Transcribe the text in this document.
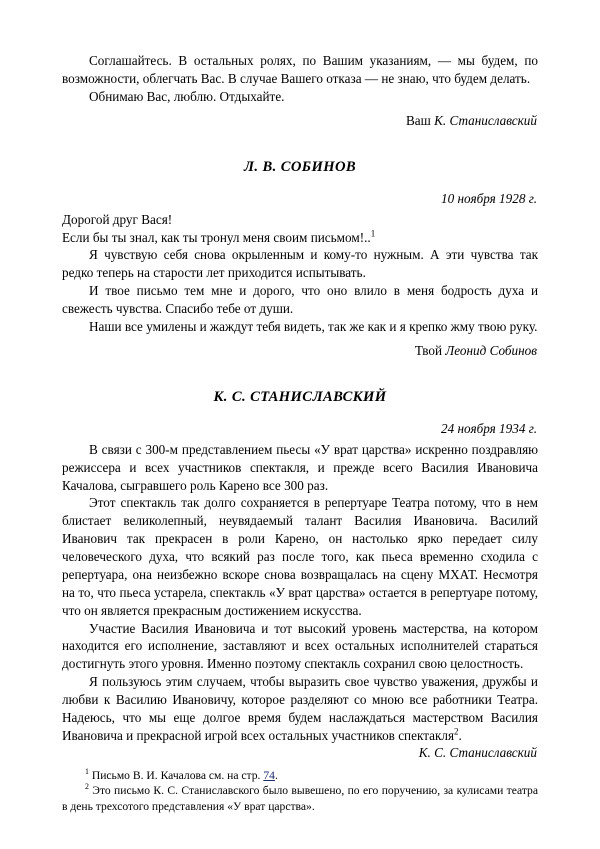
Соглашайтесь. В остальных ролях, по Вашим указаниям, — мы будем, по возможности, облегчать Вас. В случае Вашего отказа — не знаю, что будем делать.

Обнимаю Вас, люблю. Отдыхайте.

Ваш К. Станиславский

Л. В. СОБИНОВ

10 ноября 1928 г.

Дорогой друг Вася!

Если бы ты знал, как ты тронул меня своим письмом!..$^1$

Я чувствую себя снова окрыленным и кому-то нужным. А эти чувства так редко теперь на старости лет приходится испытывать.

И твое письмо тем мне и дорого, что оно влило в меня бодрость духа и свежесть чувства. Спасибо тебе от души.

Наши все умилены и жаждут тебя видеть, так же как и я крепко жму твою руку.

Твой Леонид Собинов

К. С. СТАНИСЛАВСКИЙ

24 ноября 1934 г.

В связи с 300-м представлением пьесы «У врат царства» искренно поздравляю режиссера и всех участников спектакля, и прежде всего Василия Ивановича Качалова, сыгравшего роль Карено все 300 раз.

Этот спектакль так долго сохраняется в репертуаре Театра потому, что в нем блистает великолепный, неувядаемый талант Василия Ивановича. Василий Иванович так прекрасен в роли Карено, он настолько ярко передает силу человеческого духа, что всякий раз после того, как пьеса временно сходила с репертуара, она неизбежно вскоре снова возвращалась на сцену МХАТ. Несмотря на то, что пьеса устарела, спектакль «У врат царства» остается в репертуаре потому, что он является прекрасным достижением искусства.

Участие Василия Ивановича и тот высокий уровень мастерства, на котором находится его исполнение, заставляют и всех остальных исполнителей стараться достигнуть этого уровня. Именно поэтому спектакль сохранил свою целостность.

Я пользуюсь этим случаем, чтобы выразить свое чувство уважения, дружбы и любви к Василию Ивановичу, которое разделяют со мною все работники Театра. Надеюсь, что мы еще долгое время будем наслаждаться мастерством Василия Ивановича и прекрасной игрой всех остальных участников спектакля$^2$.

К. С. Станиславский

$^1$ Письмо В. И. Качалова см. на стр. 74.

$^2$ Это письмо К. С. Станиславского было вывешено, по его поручению, за кулисами театра в день трехсотого представления «У врат царства».
